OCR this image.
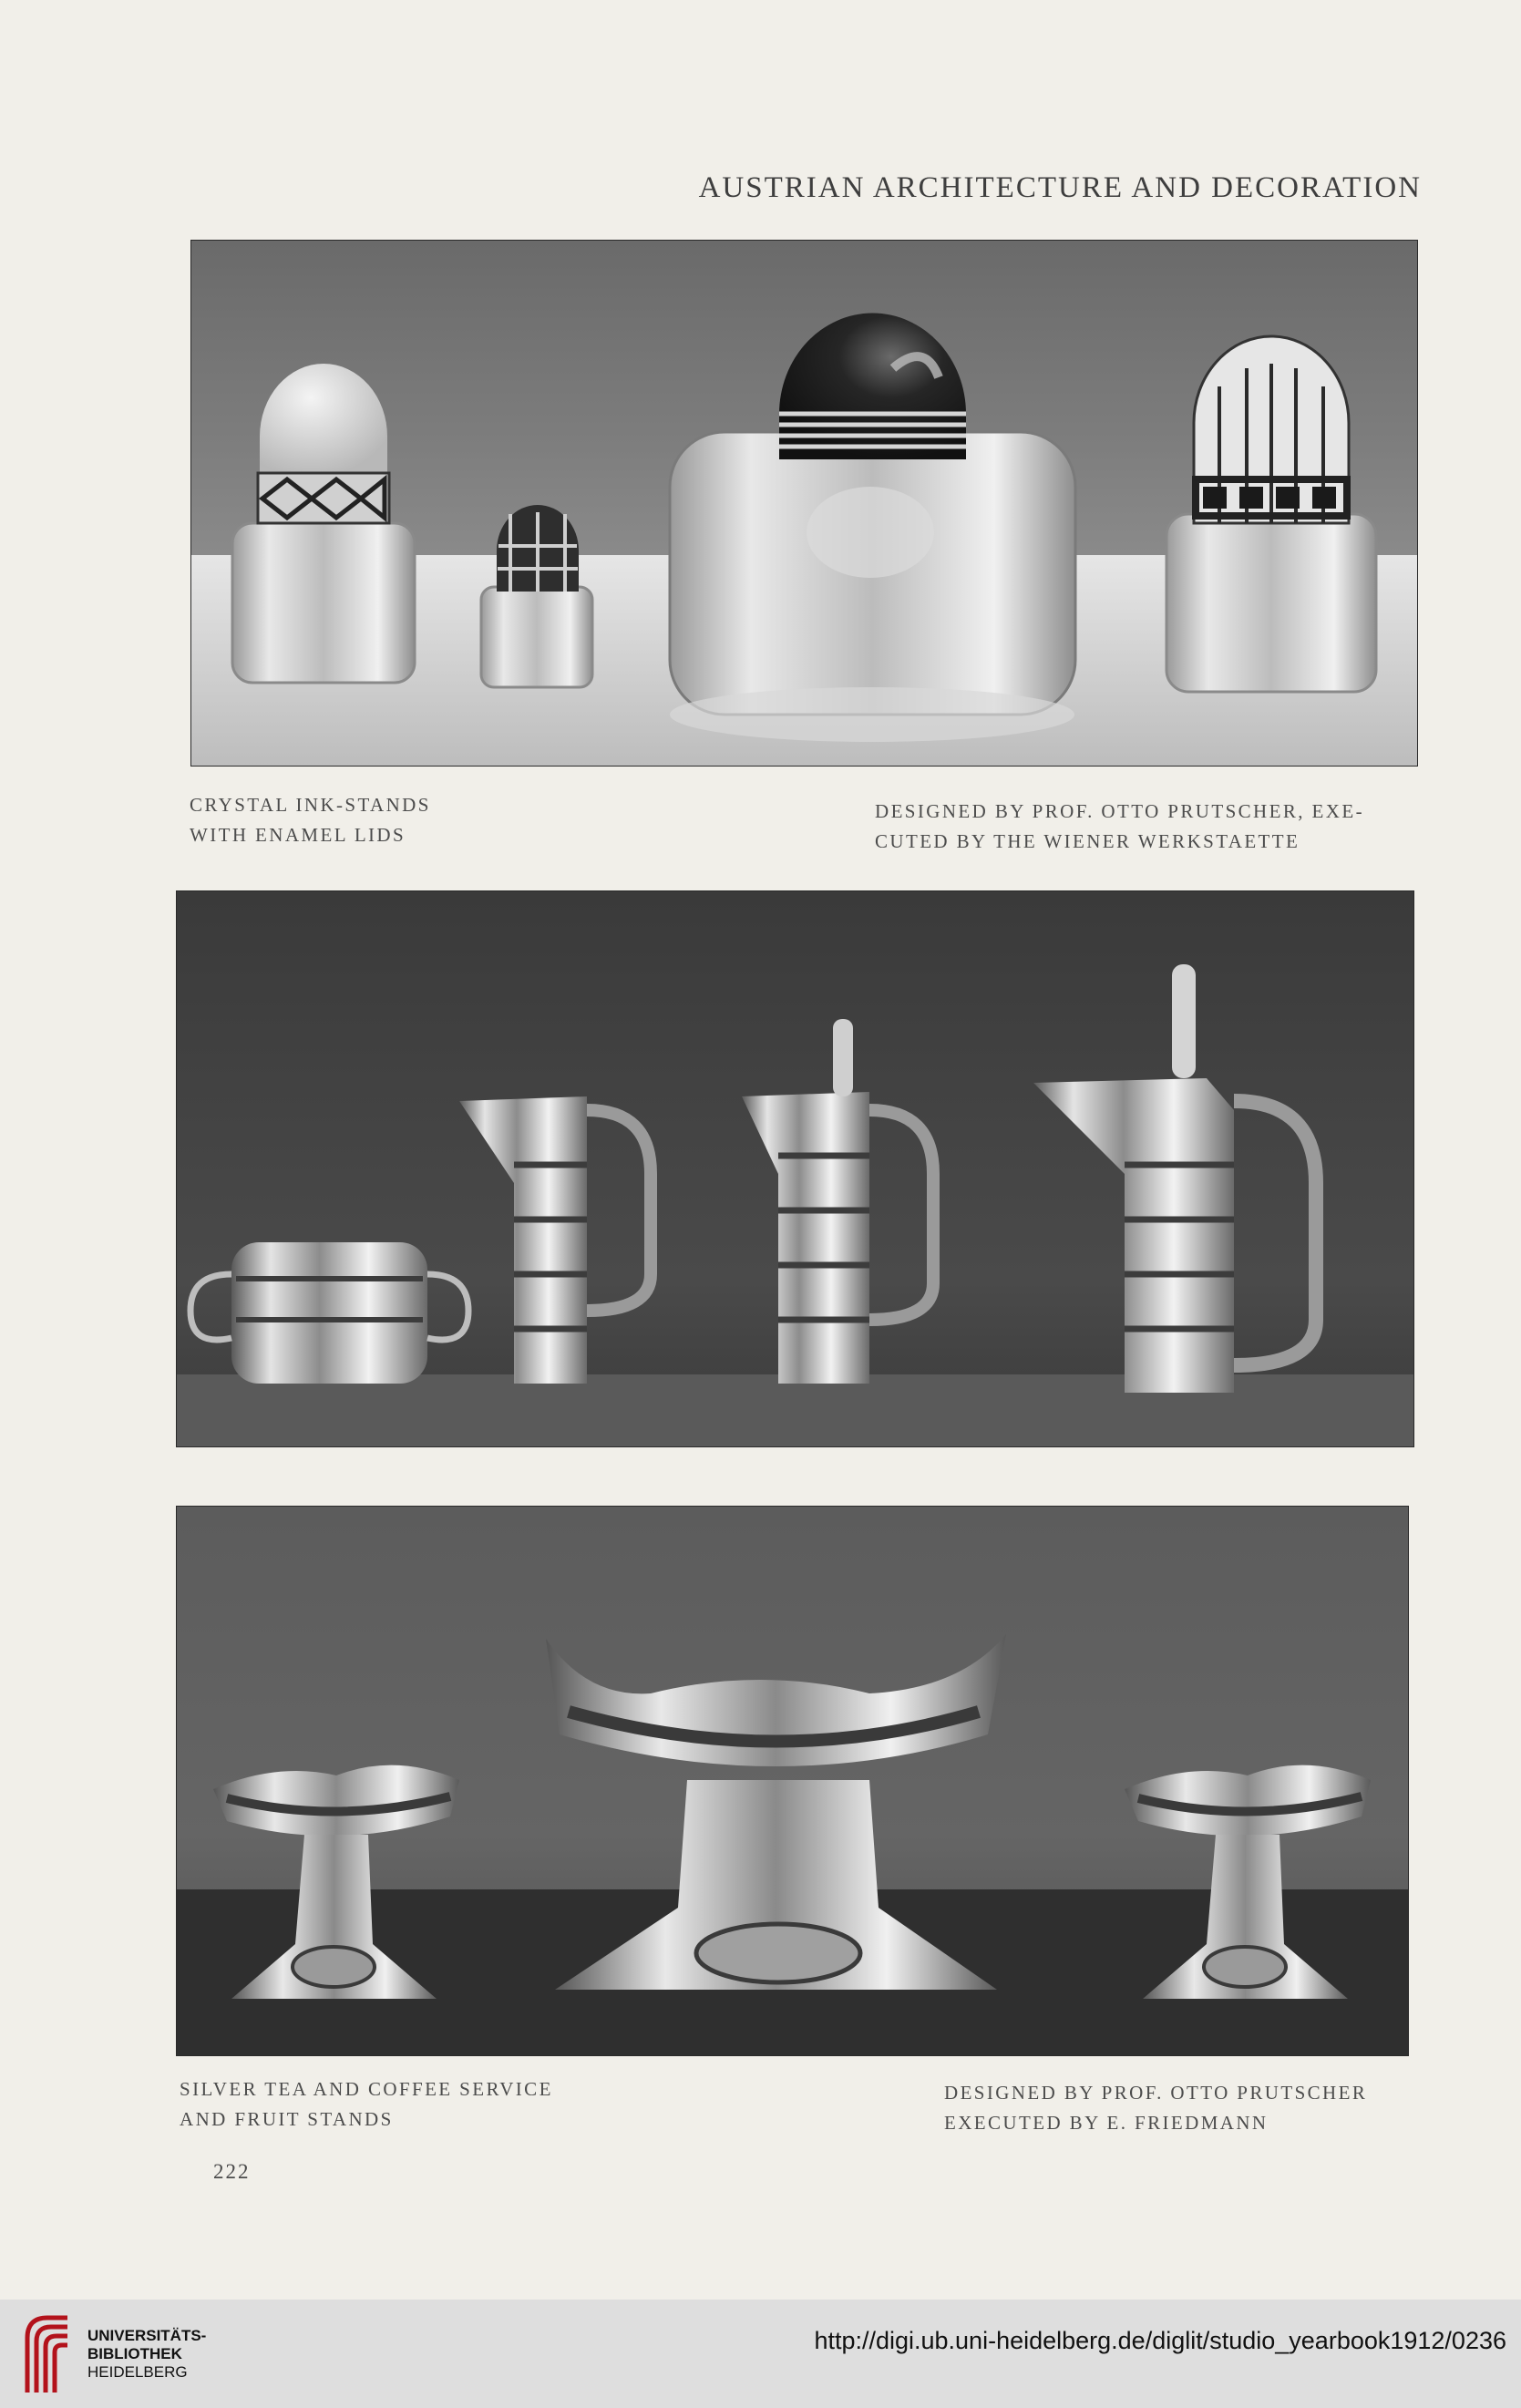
AUSTRIAN ARCHITECTURE AND DECORATION
CRYSTAL INK-STANDS
WITH ENAMEL LIDS
DESIGNED BY PROF. OTTO PRUTSCHER, EXE-
CUTED BY THE WIENER WERKSTAETTE
SILVER TEA AND COFFEE SERVICE
AND FRUIT STANDS
DESIGNED BY PROF. OTTO PRUTSCHER
EXECUTED BY E. FRIEDMANN
222
UNIVERSITÄTS-
BIBLIOTHEK
HEIDELBERG
http://digi.ub.uni-heidelberg.de/diglit/studio_yearbook1912/0236
